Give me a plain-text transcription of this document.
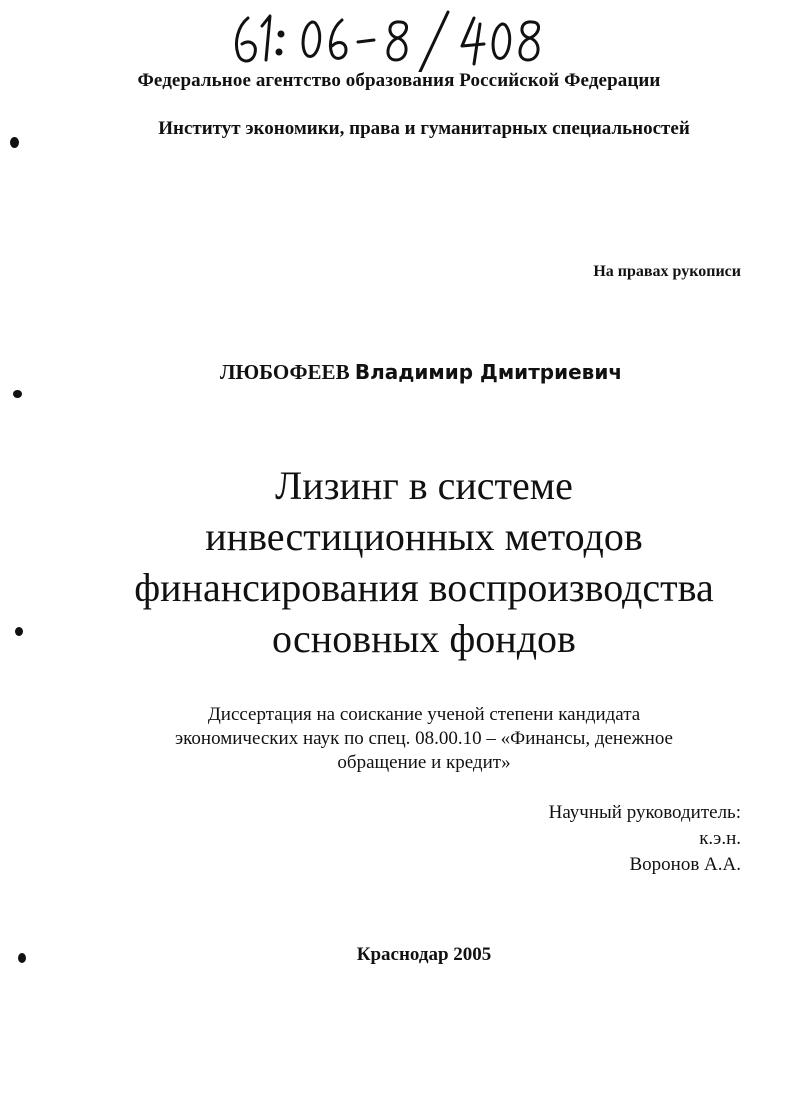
Федеральное агентство образования Российской Федерации
Институт экономики, права и гуманитарных специальностей
На правах рукописи
ЛЮБОФЕЕВ Владимир Дмитриевич
Лизинг в системе
инвестиционных методов
финансирования воспроизводства
основных фондов
Диссертация на соискание ученой степени кандидата
экономических наук по спец. 08.00.10 – «Финансы, денежное
обращение и кредит»
Научный руководитель:
к.э.н.
Воронов А.А.
Краснодар 2005
